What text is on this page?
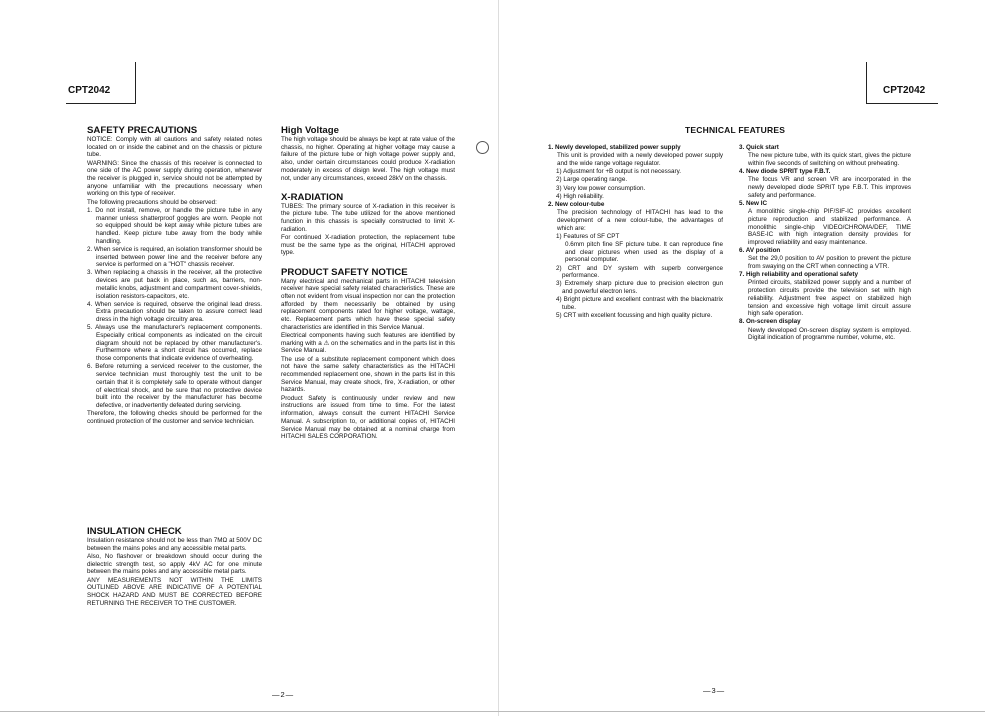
CPT2042	CPT2042
SAFETY PRECAUTIONS

NOTICE: Comply with all cautions and safety related notes located on or inside the cabinet and on the chassis or picture tube.

WARNING: Since the chassis of this receiver is connected to one side of the AC power supply during operation, whenever the receiver is plugged in, service should not be attempted by anyone unfamiliar with the precautions necessary when working on this type of receiver.

The following precautions should be observed:

1. Do not install, remove, or handle the picture tube in any manner unless shatterproof goggles are worn. People not so equipped should be kept away while picture tubes are handled. Keep picture tube away from the body while handling.

2. When service is required, an isolation transformer should be inserted between power line and the receiver before any service is performed on a "HOT" chassis receiver.

3. When replacing a chassis in the receiver, all the protective devices are put back in place, such as, barriers, non-metallic knobs, adjustment and compartment cover-shields, isolation resistors-capacitors, etc.

4. When service is required, observe the original lead dress. Extra precaution should be taken to assure correct lead dress in the high voltage circuitry area.

5. Always use the manufacturer's replacement components. Especially critical components as indicated on the circuit diagram should not be replaced by other manufacturer's. Furthermore where a short circuit has occurred, replace those components that indicate evidence of overheating.

6. Before returning a serviced receiver to the customer, the service technician must thoroughly test the unit to be certain that it is completely safe to operate without danger of electrical shock, and be sure that no protective device built into the receiver by the manufacturer has become defective, or inadvertently defeated during servicing.

Therefore, the following checks should be performed for the continued protection of the customer and service technician.

INSULATION CHECK

Insulation resistance should not be less than 7MΩ at 500V DC between the mains poles and any accessible metal parts.

Also, No flashover or breakdown should occur during the dielectric strength test, so apply 4kV AC for one minute between the mains poles and any accessible metal parts.

ANY MEASUREMENTS NOT WITHIN THE LIMITS OUTLINED ABOVE ARE INDICATIVE OF A POTENTIAL SHOCK HAZARD AND MUST BE CORRECTED BEFORE RETURNING THE RECEIVER TO THE CUSTOMER.

High Voltage

The high voltage should be always be kept at rate value of the chassis, no higher. Operating at higher voltage may cause a failure of the picture tube or high voltage power supply and, also, under certain circumstances could produce X-radiation moderately in excess of disign level. The high voltage must not, under any circumstances, exceed 28kV on the chassis.

X-RADIATION

TUBES: The primary source of X-radiation in this receiver is the picture tube. The tube utilized for the above mentioned function in this chassis is specially constructed to limit X-radiation.

For continued X-radiation protection, the replacement tube must be the same type as the original, HITACHI approved type.

PRODUCT SAFETY NOTICE

Many electrical and mechanical parts in HITACHI television receiver have special safety related characteristics. These are often not evident from visual inspection nor can the protection afforded by them necessarily be obtained by using replacement components rated for higher voltage, wattage, etc. Replacement parts which have these special safety characteristics are identified in this Service Manual.

Electrical components having such features are identified by marking with a ⚠ on the schematics and in the parts list in this Service Manual.

The use of a substitute replacement component which does not have the same safety characteristics as the HITACHI recommended replacement one, shown in the parts list in this Service Manual, may create shock, fire, X-radiation, or other hazards.

Product Safety is continuously under review and new instructions are issued from time to time. For the latest information, always consult the current HITACHI Service Manual. A subscription to, or additional copies of, HITACHI Service Manual may be obtained at a nominal charge from HITACHI SALES CORPORATION.

TECHNICAL FEATURES

1. Newly developed, stabilized power supply

This unit is provided with a newly developed power supply and the wide range voltage regulator.

1) Adjustment for +B output is not necessary.

2) Large operating range.

3) Very low power consumption.

4) High reliability.

2. New colour-tube

The precision technology of HITACHI has lead to the development of a new colour-tube, the advantages of which are:

1) Features of SF CPT

0.6mm pitch fine SF picture tube. It can reproduce fine and clear pictures when used as the display of a personal computer.

2) CRT and DY system with superb convergence performance.

3) Extremely sharp picture due to precision electron gun and powerful electron lens.

4) Bright picture and excellent contrast with the blackmatrix tube.

5) CRT with excellent focussing and high quality picture.

3. Quick start

The new picture tube, with its quick start, gives the picture within five seconds of switching on without preheating.

4. New diode SPRIT type F.B.T.

The focus VR and screen VR are incorporated in the newly developed diode SPRIT type F.B.T. This improves safety and performance.

5. New IC

A monolithic single-chip PIF/SIF-IC provides excellent picture reproduction and stabilized performance. A monolithic single-chip VIDEO/CHROMA/DEF, TIME BASE-IC with high integration density provides for improved reliability and easy maintenance.

6. AV position

Set the 29,0 position to AV position to prevent the picture from swaying on the CRT when connecting a VTR.

7. High reliability and operational safety

Printed circuits, stabilized power supply and a number of protection circuits provide the television set with high reliability. Adjustment free aspect on stabilized high tension and excessive high voltage limit circuit assure high safe operation.

8. On-screen display

Newly developed On-screen display system is employed. Digital indication of programme number, volume, etc.

—2—	—3—
